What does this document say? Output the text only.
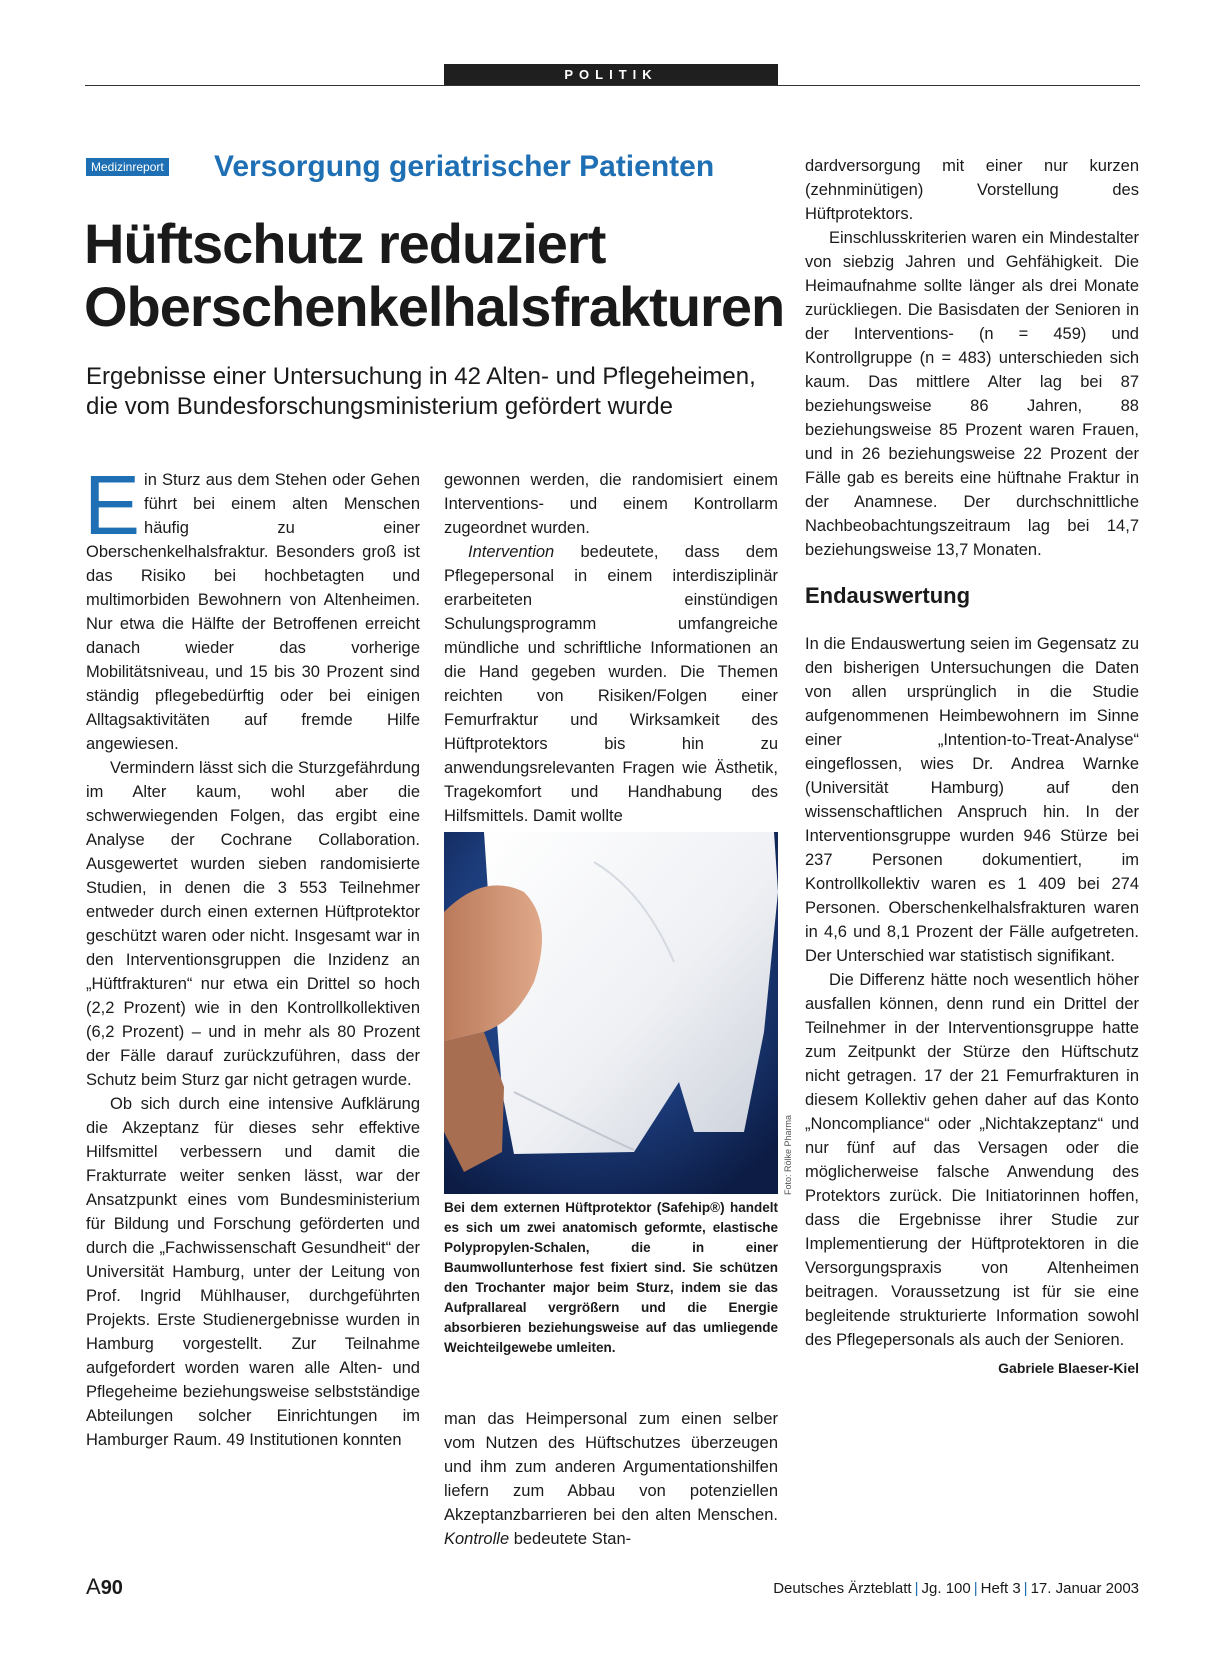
POLITIK
Medizinreport Versorgung geriatrischer Patienten
Hüftschutz reduziert
Oberschenkelhalsfrakturen
Ergebnisse einer Untersuchung in 42 Alten- und Pflegeheimen,
die vom Bundesforschungsministerium gefördert wurde

Ein Sturz aus dem Stehen oder Gehen führt bei einem alten Menschen häufig zu einer Oberschenkelhalsfraktur. Besonders groß ist das Risiko bei hochbetagten und multimorbiden Bewohnern von Altenheimen. Nur etwa die Hälfte der Betroffenen erreicht danach wieder das vorherige Mobilitätsniveau, und 15 bis 30 Prozent sind ständig pflegebedürftig oder bei einigen Alltagsaktivitäten auf fremde Hilfe angewiesen.

Vermindern lässt sich die Sturzgefährdung im Alter kaum, wohl aber die schwerwiegenden Folgen, das ergibt eine Analyse der Cochrane Collaboration. Ausgewertet wurden sieben randomisierte Studien, in denen die 3 553 Teilnehmer entweder durch einen externen Hüftprotektor geschützt waren oder nicht. Insgesamt war in den Interventionsgruppen die Inzidenz an „Hüftfrakturen“ nur etwa ein Drittel so hoch (2,2 Prozent) wie in den Kontrollkollektiven (6,2 Prozent) – und in mehr als 80 Prozent der Fälle darauf zurückzuführen, dass der Schutz beim Sturz gar nicht getragen wurde.

Ob sich durch eine intensive Aufklärung die Akzeptanz für dieses sehr effektive Hilfsmittel verbessern und damit die Frakturrate weiter senken lässt, war der Ansatzpunkt eines vom Bundesministerium für Bildung und Forschung geförderten und durch die „Fachwissenschaft Gesundheit“ der Universität Hamburg, unter der Leitung von Prof. Ingrid Mühlhauser, durchgeführten Projekts. Erste Studienergebnisse wurden in Hamburg vorgestellt. Zur Teilnahme aufgefordert worden waren alle Alten- und Pflegeheime beziehungsweise selbstständige Abteilungen solcher Einrichtungen im Hamburger Raum. 49 Institutionen konnten

gewonnen werden, die randomisiert einem Interventions- und einem Kontrollarm zugeordnet wurden.

Intervention bedeutete, dass dem Pflegepersonal in einem interdisziplinär erarbeiteten einstündigen Schulungsprogramm umfangreiche mündliche und schriftliche Informationen an die Hand gegeben wurden. Die Themen reichten von Risiken/Folgen einer Femurfraktur und Wirksamkeit des Hüftprotektors bis hin zu anwendungsrelevanten Fragen wie Ästhetik, Tragekomfort und Handhabung des Hilfsmittels. Damit wollte

Foto: Rölke Pharma
Bei dem externen Hüftprotektor (Safehip®) handelt es sich um zwei anatomisch geformte, elastische Polypropylen-Schalen, die in einer Baumwollunterhose fest fixiert sind. Sie schützen den Trochanter major beim Sturz, indem sie das Aufprallareal vergrößern und die Energie absorbieren beziehungsweise auf das umliegende Weichteilgewebe umleiten.

man das Heimpersonal zum einen selber vom Nutzen des Hüftschutzes überzeugen und ihm zum anderen Argumentationshilfen liefern zum Abbau von potenziellen Akzeptanzbarrieren bei den alten Menschen. Kontrolle bedeutete Stan-

dardversorgung mit einer nur kurzen (zehnminütigen) Vorstellung des Hüftprotektors.

Einschlusskriterien waren ein Mindestalter von siebzig Jahren und Gehfähigkeit. Die Heimaufnahme sollte länger als drei Monate zurückliegen. Die Basisdaten der Senioren in der Interventions- (n = 459) und Kontrollgruppe (n = 483) unterschieden sich kaum. Das mittlere Alter lag bei 87 beziehungsweise 86 Jahren, 88 beziehungsweise 85 Prozent waren Frauen, und in 26 beziehungsweise 22 Prozent der Fälle gab es bereits eine hüftnahe Fraktur in der Anamnese. Der durchschnittliche Nachbeobachtungszeitraum lag bei 14,7 beziehungsweise 13,7 Monaten.

Endauswertung

In die Endauswertung seien im Gegensatz zu den bisherigen Untersuchungen die Daten von allen ursprünglich in die Studie aufgenommenen Heimbewohnern im Sinne einer „Intention-to-Treat-Analyse“ eingeflossen, wies Dr. Andrea Warnke (Universität Hamburg) auf den wissenschaftlichen Anspruch hin. In der Interventionsgruppe wurden 946 Stürze bei 237 Personen dokumentiert, im Kontrollkollektiv waren es 1 409 bei 274 Personen. Oberschenkelhalsfrakturen waren in 4,6 und 8,1 Prozent der Fälle aufgetreten. Der Unterschied war statistisch signifikant.

Die Differenz hätte noch wesentlich höher ausfallen können, denn rund ein Drittel der Teilnehmer in der Interventionsgruppe hatte zum Zeitpunkt der Stürze den Hüftschutz nicht getragen. 17 der 21 Femurfrakturen in diesem Kollektiv gehen daher auf das Konto „Noncompliance“ oder „Nichtakzeptanz“ und nur fünf auf das Versagen oder die möglicherweise falsche Anwendung des Protektors zurück. Die Initiatorinnen hoffen, dass die Ergebnisse ihrer Studie zur Implementierung der Hüftprotektoren in die Versorgungspraxis von Altenheimen beitragen. Voraussetzung ist für sie eine begleitende strukturierte Information sowohl des Pflegepersonals als auch der Senioren.
Gabriele Blaeser-Kiel

A90	Deutsches Ärzteblatt | Jg. 100 | Heft 3 | 17. Januar 2003
